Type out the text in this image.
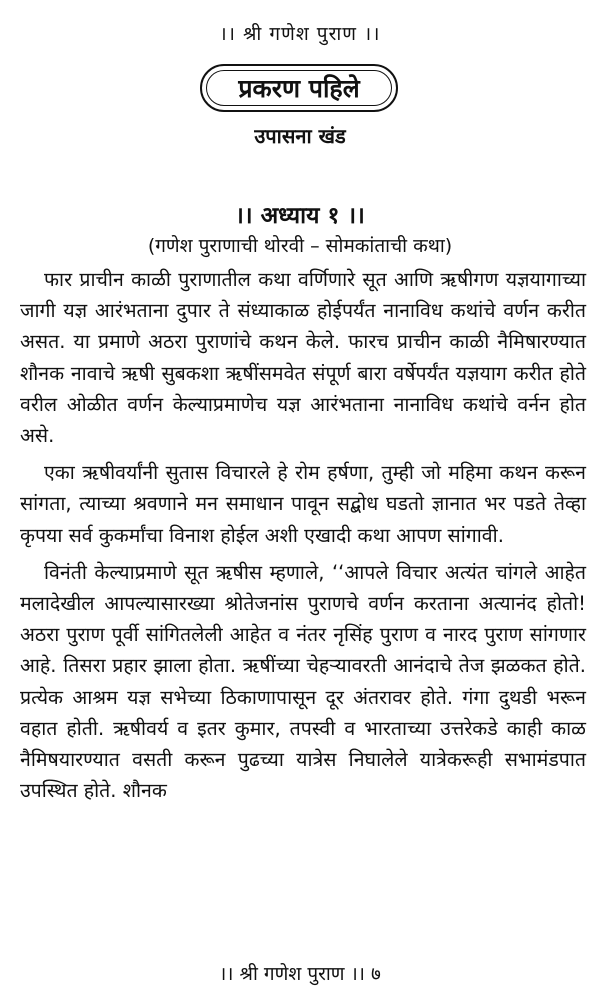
।। श्री गणेश पुराण ।।
प्रकरण पहिले
उपासना खंड
।। अध्याय १ ।।
(गणेश पुराणाची थोरवी – सोमकांताची कथा)

फार प्राचीन काळी पुराणातील कथा वर्णिणारे सूत आणि ऋषीगण यज्ञयागाच्या जागी यज्ञ आरंभताना दुपार ते संध्याकाळ होईपर्यंत नानाविध कथांचे वर्णन करीत असत. या प्रमाणे अठरा पुराणांचे कथन केले. फारच प्राचीन काळी नैमिषारण्यात शौनक नावाचे ऋषी सुबकशा ऋषींसमवेत संपूर्ण बारा वर्षेपर्यंत यज्ञयाग करीत होते वरील ओळीत वर्णन केल्याप्रमाणेच यज्ञ आरंभताना नानाविध कथांचे वर्नन होत असे.

एका ऋषीवर्यांनी सुतास विचारले हे रोम हर्षणा, तुम्ही जो महिमा कथन करून सांगता, त्याच्या श्रवणाने मन समाधान पावून सद्बोध घडतो ज्ञानात भर पडते तेव्हा कृपया सर्व कुकर्मांचा विनाश होईल अशी एखादी कथा आपण सांगावी.

विनंती केल्याप्रमाणे सूत ऋषीस म्हणाले, ‘‘आपले विचार अत्यंत चांगले आहेत मलादेखील आपल्यासारख्या श्रोतेजनांस पुराणचे वर्णन करताना अत्यानंद होतो! अठरा पुराण पूर्वी सांगितलेली आहेत व नंतर नृसिंह पुराण व नारद पुराण सांगणार आहे. तिसरा प्रहार झाला होता. ऋषींच्या चेहऱ्यावरती आनंदाचे तेज झळकत होते. प्रत्येक आश्रम यज्ञ सभेच्या ठिकाणापासून दूर अंतरावर होते. गंगा दुथडी भरून वहात होती. ऋषीवर्य व इतर कुमार, तपस्वी व भारताच्या उत्तरेकडे काही काळ नैमिषयारण्यात वसती करून पुढच्या यात्रेस निघालेले यात्रेकरूही सभामंडपात उपस्थित होते. शौनक

।। श्री गणेश पुराण ।। ७
